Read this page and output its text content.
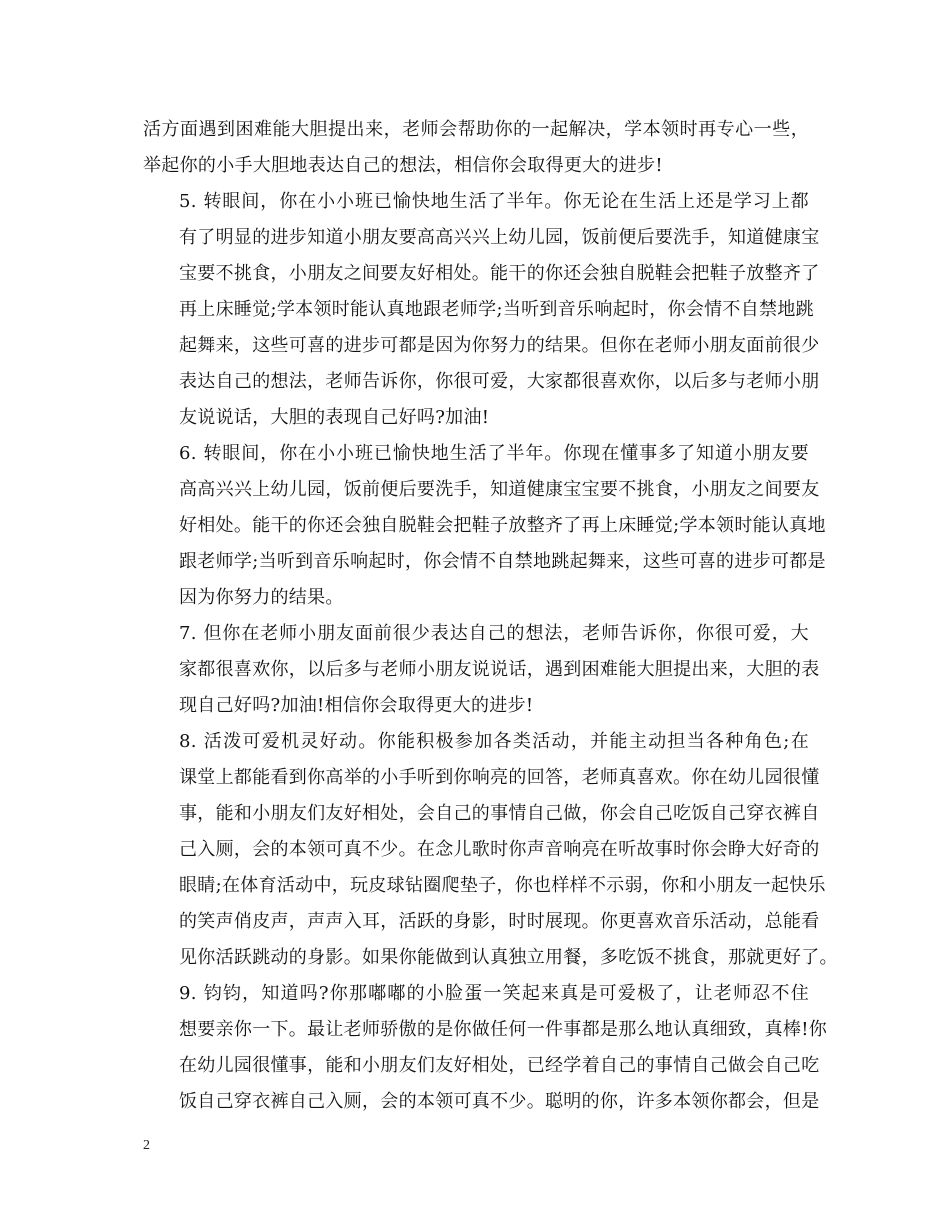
活方面遇到困难能大胆提出来，老师会帮助你的一起解决，学本领时再专心一些，
举起你的小手大胆地表达自己的想法，相信你会取得更大的进步!
5. 转眼间，你在小小班已愉快地生活了半年。你无论在生活上还是学习上都
有了明显的进步知道小朋友要高高兴兴上幼儿园，饭前便后要洗手，知道健康宝
宝要不挑食，小朋友之间要友好相处。能干的你还会独自脱鞋会把鞋子放整齐了
再上床睡觉;学本领时能认真地跟老师学;当听到音乐响起时，你会情不自禁地跳
起舞来，这些可喜的进步可都是因为你努力的结果。但你在老师小朋友面前很少
表达自己的想法，老师告诉你，你很可爱，大家都很喜欢你，以后多与老师小朋
友说说话，大胆的表现自己好吗?加油!
6. 转眼间，你在小小班已愉快地生活了半年。你现在懂事多了知道小朋友要
高高兴兴上幼儿园，饭前便后要洗手，知道健康宝宝要不挑食，小朋友之间要友
好相处。能干的你还会独自脱鞋会把鞋子放整齐了再上床睡觉;学本领时能认真地
跟老师学;当听到音乐响起时，你会情不自禁地跳起舞来，这些可喜的进步可都是
因为你努力的结果。
7. 但你在老师小朋友面前很少表达自己的想法，老师告诉你，你很可爱，大
家都很喜欢你，以后多与老师小朋友说说话，遇到困难能大胆提出来，大胆的表
现自己好吗?加油!相信你会取得更大的进步!
8. 活泼可爱机灵好动。你能积极参加各类活动，并能主动担当各种角色;在
课堂上都能看到你高举的小手听到你响亮的回答，老师真喜欢。你在幼儿园很懂
事，能和小朋友们友好相处，会自己的事情自己做，你会自己吃饭自己穿衣裤自
己入厕，会的本领可真不少。在念儿歌时你声音响亮在听故事时你会睁大好奇的
眼睛;在体育活动中，玩皮球钻圈爬垫子，你也样样不示弱，你和小朋友一起快乐
的笑声俏皮声，声声入耳，活跃的身影，时时展现。你更喜欢音乐活动，总能看
见你活跃跳动的身影。如果你能做到认真独立用餐，多吃饭不挑食，那就更好了。
9. 钧钧，知道吗?你那嘟嘟的小脸蛋一笑起来真是可爱极了，让老师忍不住
想要亲你一下。最让老师骄傲的是你做任何一件事都是那么地认真细致，真棒!你
在幼儿园很懂事，能和小朋友们友好相处，已经学着自己的事情自己做会自己吃
饭自己穿衣裤自己入厕，会的本领可真不少。聪明的你，许多本领你都会，但是
2
